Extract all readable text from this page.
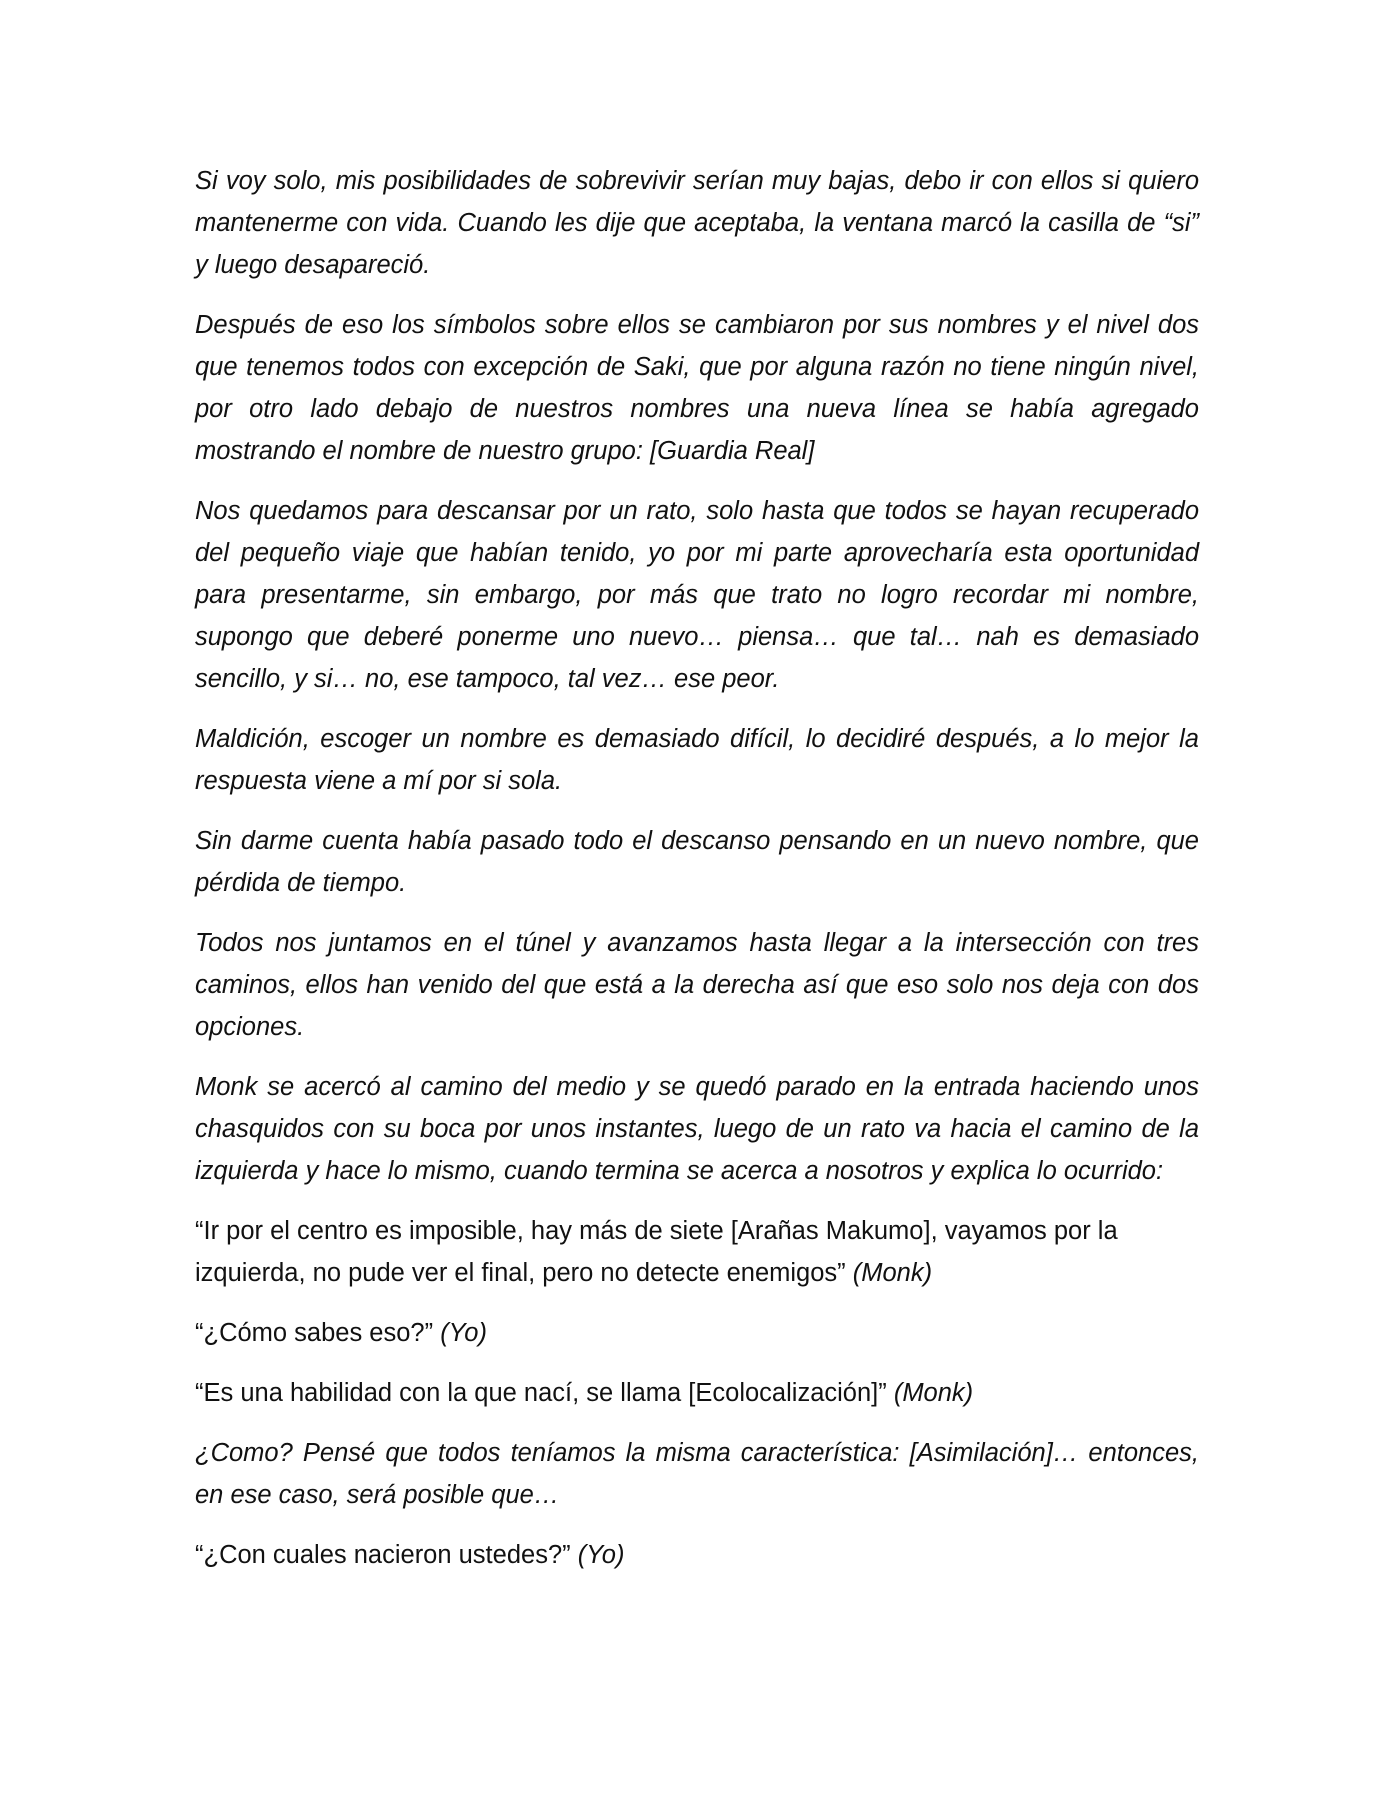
Si voy solo, mis posibilidades de sobrevivir serían muy bajas, debo ir con ellos si quiero mantenerme con vida. Cuando les dije que aceptaba, la ventana marcó la casilla de “si” y luego desapareció.

Después de eso los símbolos sobre ellos se cambiaron por sus nombres y el nivel dos que tenemos todos con excepción de Saki, que por alguna razón no tiene ningún nivel, por otro lado debajo de nuestros nombres una nueva línea se había agregado mostrando el nombre de nuestro grupo: [Guardia Real]

Nos quedamos para descansar por un rato, solo hasta que todos se hayan recuperado del pequeño viaje que habían tenido, yo por mi parte aprovecharía esta oportunidad para presentarme, sin embargo, por más que trato no logro recordar mi nombre, supongo que deberé ponerme uno nuevo… piensa… que tal… nah es demasiado sencillo, y si… no, ese tampoco, tal vez… ese peor.

Maldición, escoger un nombre es demasiado difícil, lo decidiré después, a lo mejor la respuesta viene a mí por si sola.

Sin darme cuenta había pasado todo el descanso pensando en un nuevo nombre, que pérdida de tiempo.

Todos nos juntamos en el túnel y avanzamos hasta llegar a la intersección con tres caminos, ellos han venido del que está a la derecha así que eso solo nos deja con dos opciones.

Monk se acercó al camino del medio y se quedó parado en la entrada haciendo unos chasquidos con su boca por unos instantes, luego de un rato va hacia el camino de la izquierda y hace lo mismo, cuando termina se acerca a nosotros y explica lo ocurrido:

“Ir por el centro es imposible, hay más de siete [Arañas Makumo], vayamos por la izquierda, no pude ver el final, pero no detecte enemigos” (Monk)

“¿Cómo sabes eso?” (Yo)

“Es una habilidad con la que nací, se llama [Ecolocalización]” (Monk)

¿Como? Pensé que todos teníamos la misma característica: [Asimilación]… entonces, en ese caso, será posible que…

“¿Con cuales nacieron ustedes?” (Yo)
